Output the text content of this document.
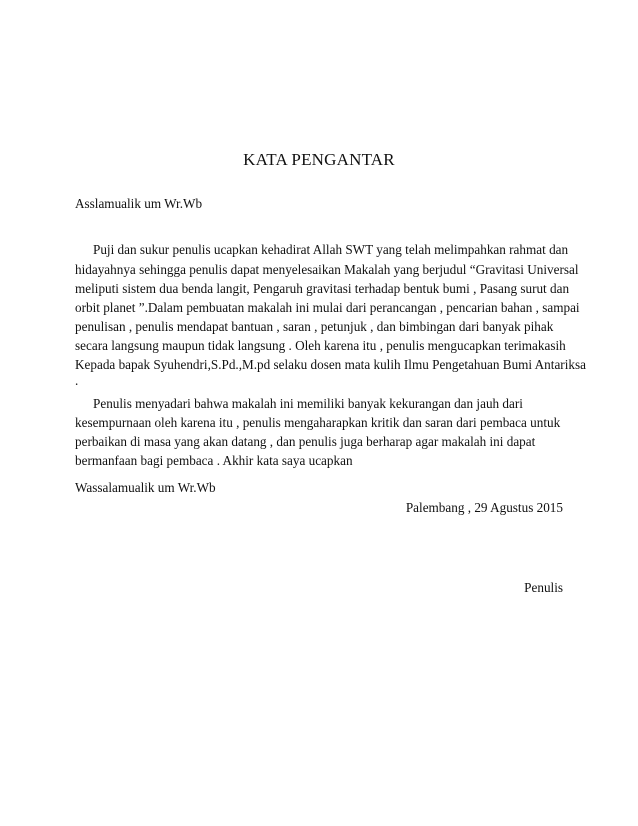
KATA PENGANTAR
Asslamualik um Wr.Wb
Puji dan sukur penulis ucapkan kehadirat Allah SWT yang telah melimpahkan rahmat dan
hidayahnya sehingga penulis dapat menyelesaikan Makalah yang berjudul “Gravitasi Universal
meliputi sistem dua benda langit, Pengaruh gravitasi terhadap bentuk bumi , Pasang surut dan
orbit planet ”.Dalam pembuatan makalah ini mulai dari perancangan , pencarian bahan , sampai
penulisan , penulis mendapat bantuan , saran , petunjuk , dan bimbingan dari banyak pihak
secara langsung maupun tidak langsung . Oleh karena itu , penulis mengucapkan terimakasih
Kepada bapak Syuhendri,S.Pd.,M.pd selaku dosen mata kulih Ilmu Pengetahuan Bumi Antariksa
.
Penulis menyadari bahwa makalah ini memiliki banyak kekurangan dan jauh dari
kesempurnaan oleh karena itu , penulis mengaharapkan kritik dan saran dari pembaca untuk
perbaikan di masa yang akan datang , dan penulis juga berharap agar makalah ini dapat
bermanfaan bagi pembaca . Akhir kata saya ucapkan
Wassalamualik um Wr.Wb
Palembang , 29 Agustus 2015
Penulis
